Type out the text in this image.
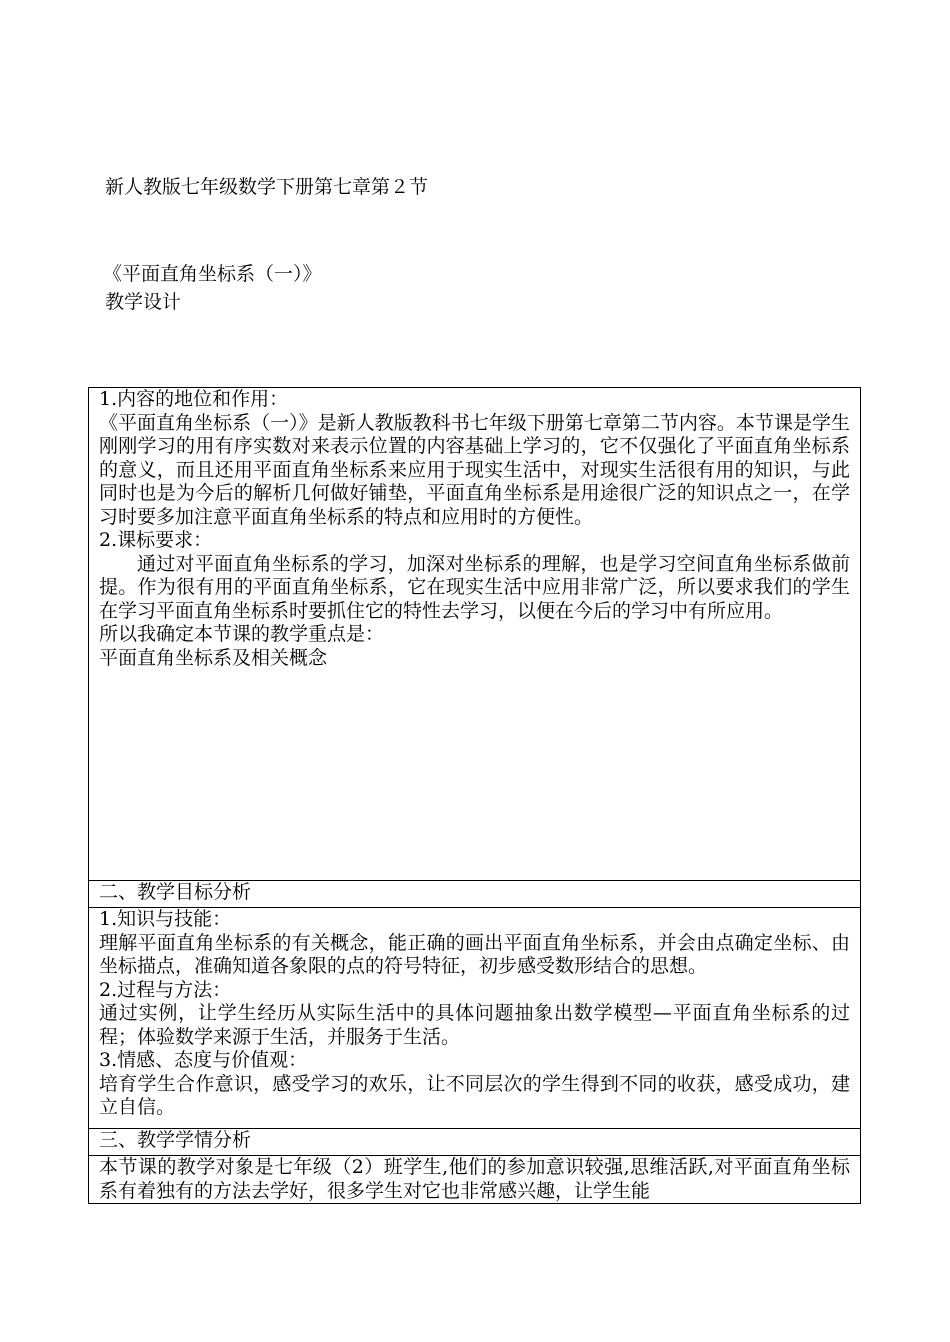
新人教版七年级数学下册第七章第２节
《平面直角坐标系（一）》
教学设计

1.内容的地位和作用：

《平面直角坐标系（一）》是新人教版教科书七年级下册第七章第二节内容。本节课是学生刚刚学习的用有序实数对来表示位置的内容基础上学习的，它不仅强化了平面直角坐标系的意义，而且还用平面直角坐标系来应用于现实生活中，对现实生活很有用的知识，与此同时也是为今后的解析几何做好铺垫，平面直角坐标系是用途很广泛的知识点之一，在学习时要多加注意平面直角坐标系的特点和应用时的方便性。

2.课标要求：

通过对平面直角坐标系的学习，加深对坐标系的理解，也是学习空间直角坐标系做前提。作为很有用的平面直角坐标系，它在现实生活中应用非常广泛，所以要求我们的学生在学习平面直角坐标系时要抓住它的特性去学习，以便在今后的学习中有所应用。

所以我确定本节课的教学重点是：

平面直角坐标系及相关概念

二、教学目标分析

1.知识与技能：

理解平面直角坐标系的有关概念，能正确的画出平面直角坐标系，并会由点确定坐标、由坐标描点，准确知道各象限的点的符号特征，初步感受数形结合的思想。

2.过程与方法：

通过实例，让学生经历从实际生活中的具体问题抽象出数学模型—平面直角坐标系的过程；体验数学来源于生活，并服务于生活。

3.情感、态度与价值观：

培育学生合作意识，感受学习的欢乐，让不同层次的学生得到不同的收获，感受成功，建立自信。

三、教学学情分析

本节课的教学对象是七年级（2）班学生,他们的参加意识较强,思维活跃,对平面直角坐标系有着独有的方法去学好，很多学生对它也非常感兴趣，让学生能
